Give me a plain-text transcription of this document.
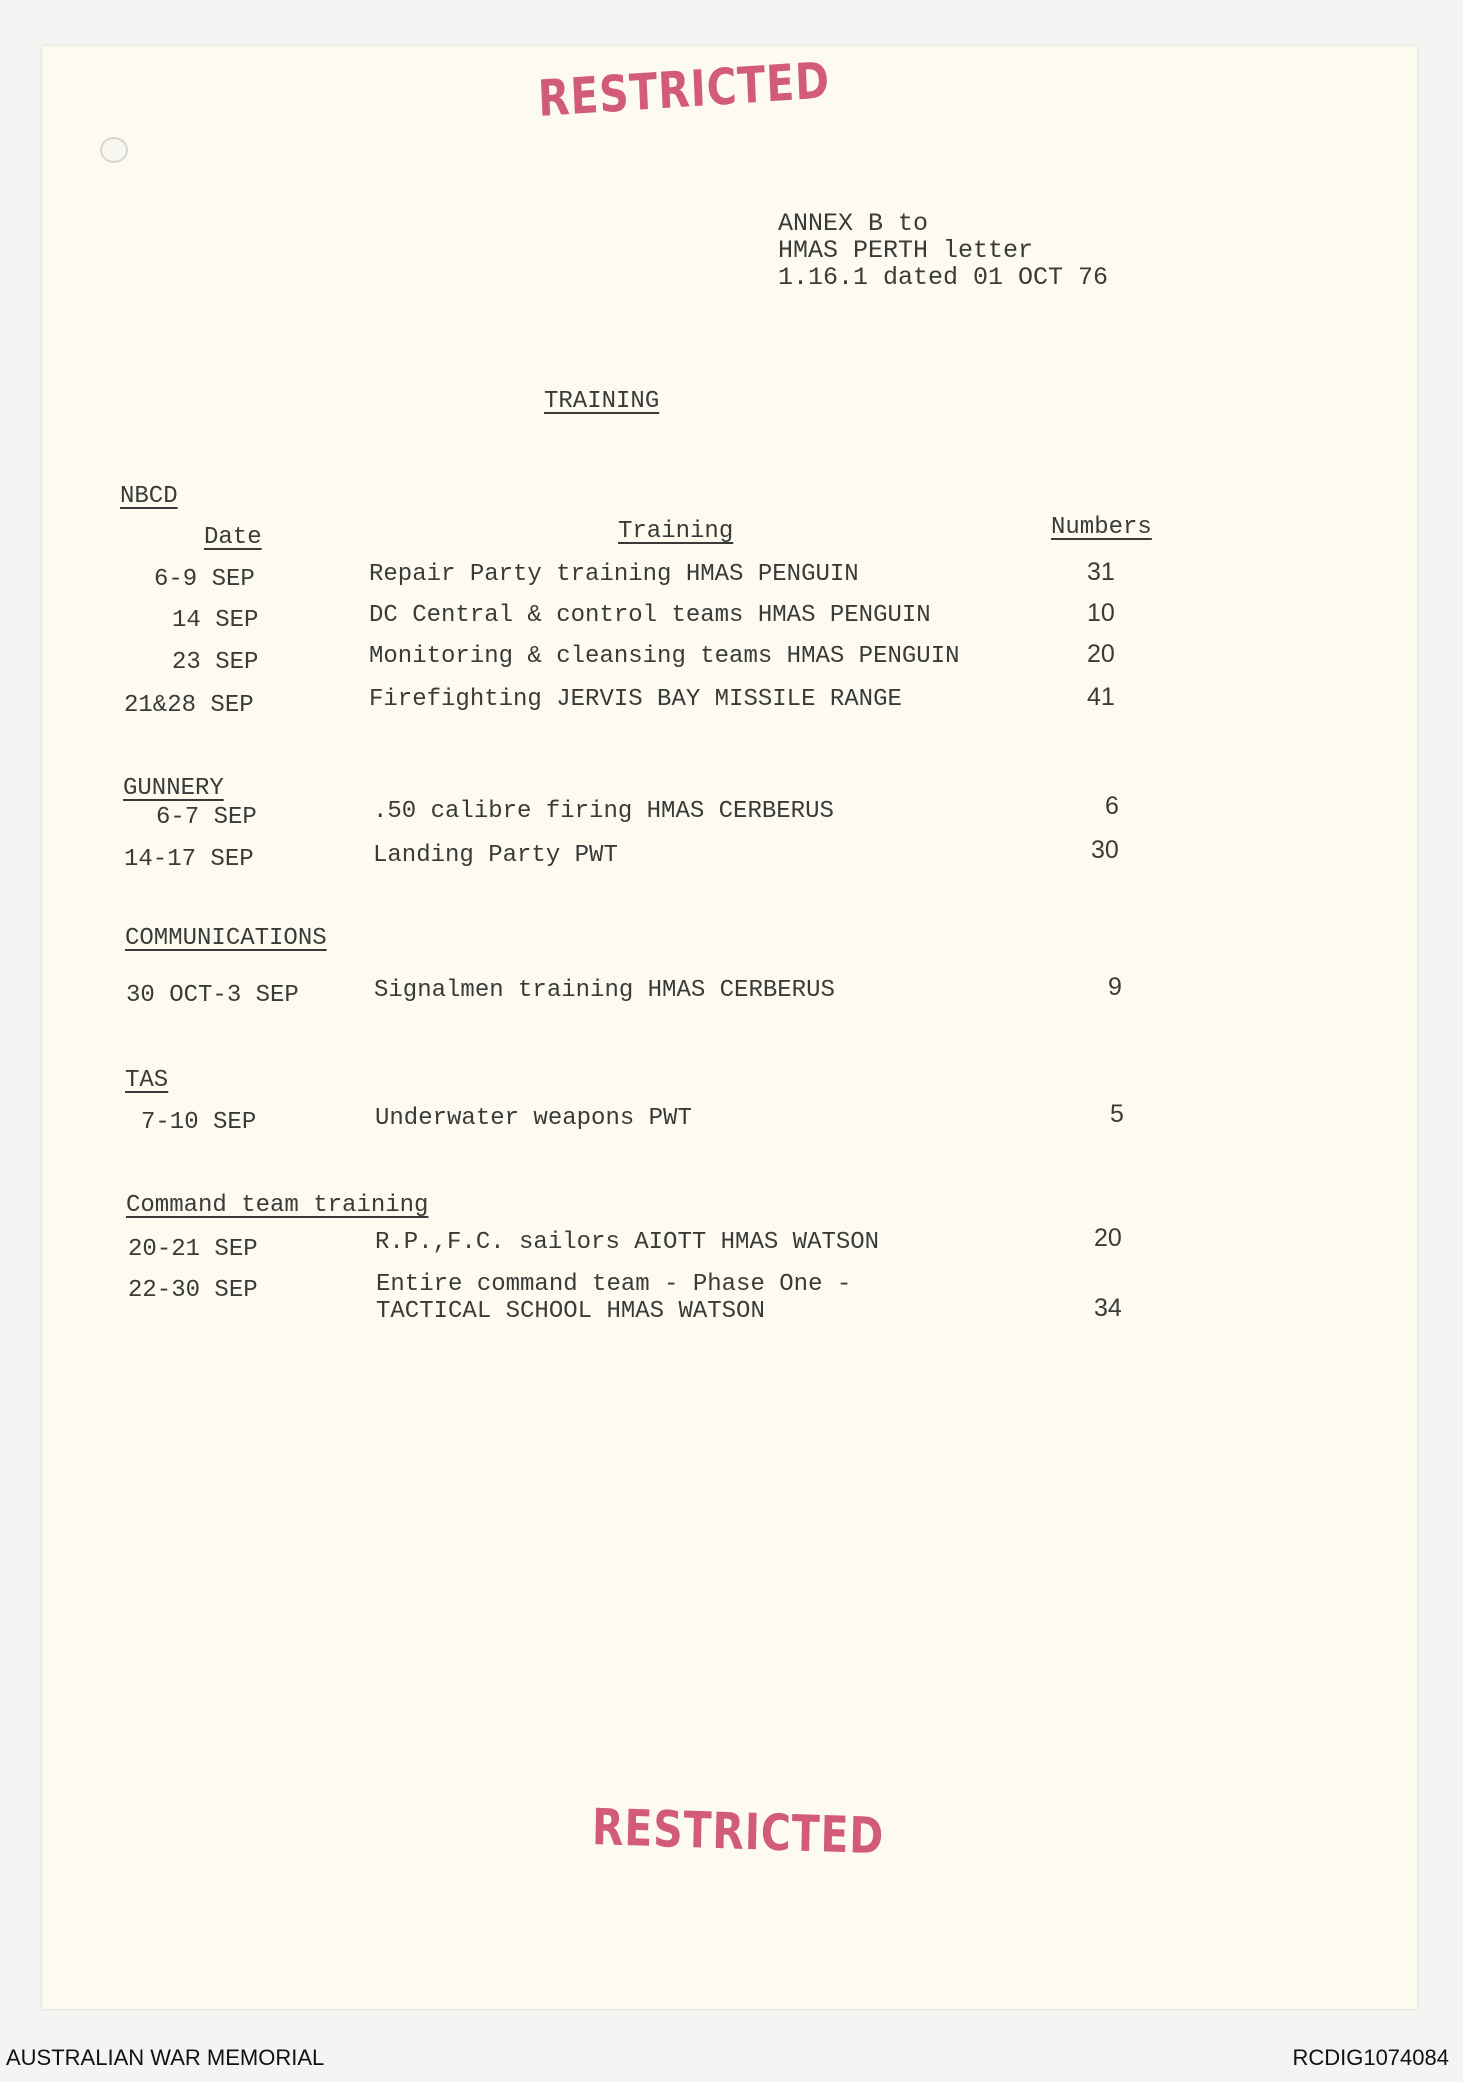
RESTRICTED
ANNEX B to
HMAS PERTH letter
1.16.1 dated 01 OCT 76
TRAINING
NBCD
Date	Training	Numbers
6-9 SEP	Repair Party training HMAS PENGUIN	31
14 SEP	DC Central & control teams HMAS PENGUIN	10
23 SEP	Monitoring & cleansing teams HMAS PENGUIN	20
21&28 SEP	Firefighting JERVIS BAY MISSILE RANGE	41
GUNNERY
6-7 SEP	.50 calibre firing HMAS CERBERUS	6
14-17 SEP	Landing Party PWT	30
COMMUNICATIONS
30 OCT-3 SEP	Signalmen training HMAS CERBERUS	9
TAS
7-10 SEP	Underwater weapons PWT	5
Command team training
20-21 SEP	R.P.,F.C. sailors AIOTT HMAS WATSON	20
22-30 SEP	Entire command team - Phase One -
TACTICAL SCHOOL HMAS WATSON	34
RESTRICTED
AUSTRALIAN WAR MEMORIAL	RCDIG1074084
